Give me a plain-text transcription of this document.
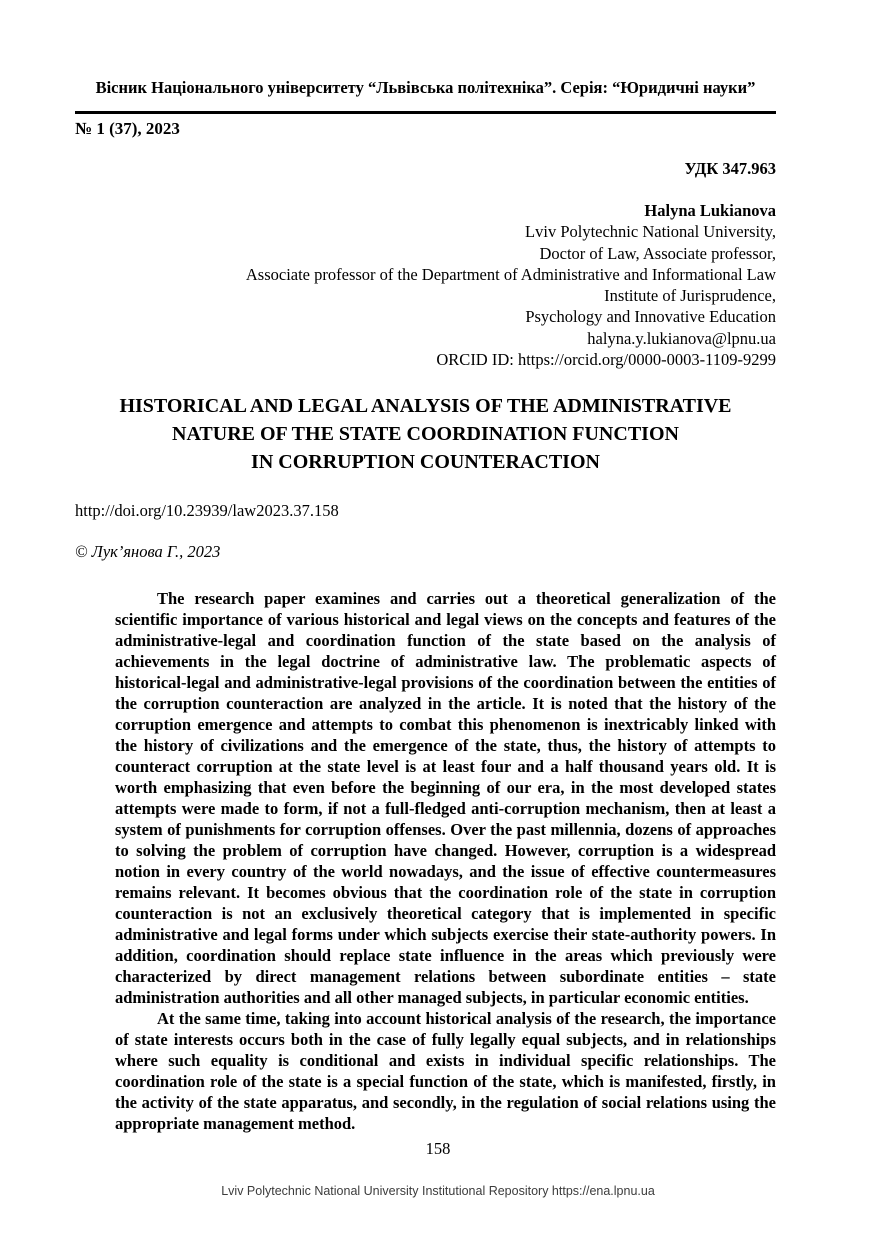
Вісник Національного університету “Львівська політехніка”. Серія: “Юридичні науки”
№ 1 (37), 2023
УДК 347.963
Halyna Lukianova
Lviv Polytechnic National University,
Doctor of Law, Associate professor,
Associate professor of the Department of Administrative and Informational Law
Institute of Jurisprudence,
Psychology and Innovative Education
halyna.y.lukianova@lpnu.ua
ORCID ID: https://orcid.org/0000-0003-1109-9299
HISTORICAL AND LEGAL ANALYSIS OF THE ADMINISTRATIVE
NATURE OF THE STATE COORDINATION FUNCTION
IN CORRUPTION COUNTERACTION
http://doi.org/10.23939/law2023.37.158
© Лук’янова Г., 2023

The research paper examines and carries out a theoretical generalization of the scientific importance of various historical and legal views on the concepts and features of the administrative-legal and coordination function of the state based on the analysis of achievements in the legal doctrine of administrative law. The problematic aspects of historical-legal and administrative-legal provisions of the coordination between the entities of the corruption counteraction are analyzed in the article. It is noted that the history of the corruption emergence and attempts to combat this phenomenon is inextricably linked with the history of civilizations and the emergence of the state, thus, the history of attempts to counteract corruption at the state level is at least four and a half thousand years old. It is worth emphasizing that even before the beginning of our era, in the most developed states attempts were made to form, if not a full-fledged anti-corruption mechanism, then at least a system of punishments for corruption offenses. Over the past millennia, dozens of approaches to solving the problem of corruption have changed. However, corruption is a widespread notion in every country of the world nowadays, and the issue of effective countermeasures remains relevant. It becomes obvious that the coordination role of the state in corruption counteraction is not an exclusively theoretical category that is implemented in specific administrative and legal forms under which subjects exercise their state-authority powers. In addition, coordination should replace state influence in the areas which previously were characterized by direct management relations between subordinate entities – state administration authorities and all other managed subjects, in particular economic entities.

At the same time, taking into account historical analysis of the research, the importance of state interests occurs both in the case of fully legally equal subjects, and in relationships where such equality is conditional and exists in individual specific relationships. The coordination role of the state is a special function of the state, which is manifested, firstly, in the activity of the state apparatus, and secondly, in the regulation of social relations using the appropriate management method.

158
Lviv Polytechnic National University Institutional Repository https://ena.lpnu.ua
